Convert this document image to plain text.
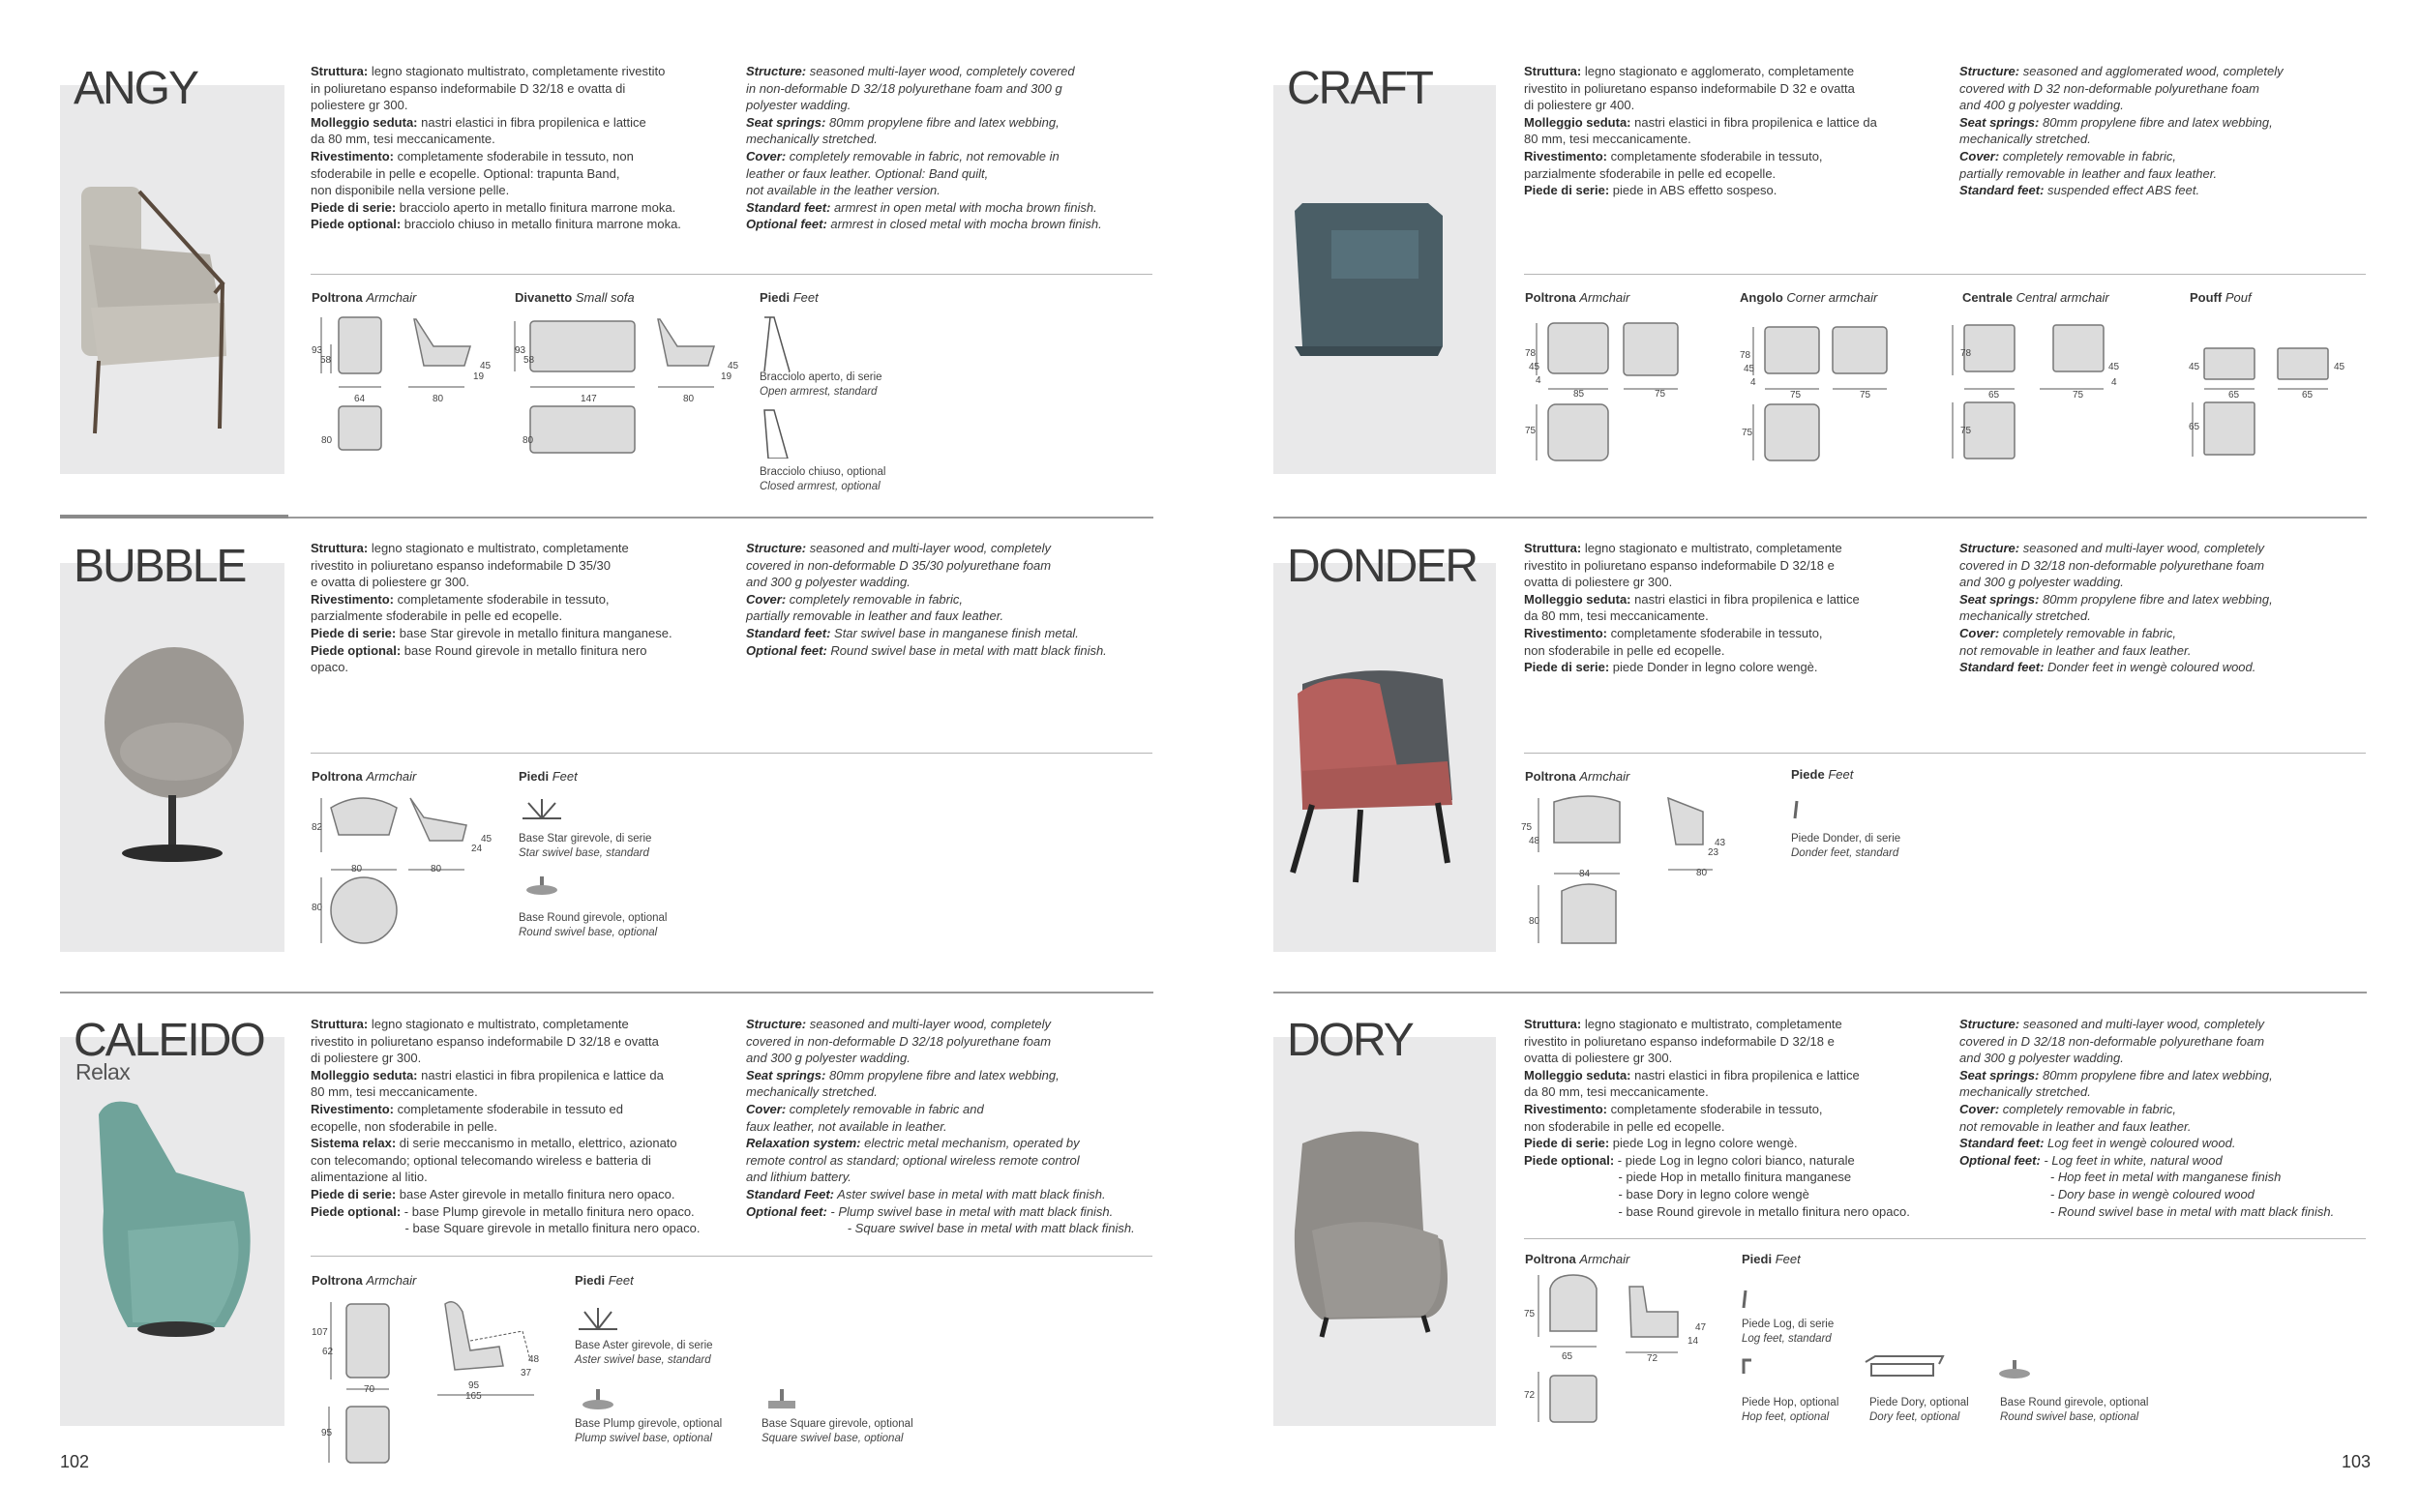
ANGY	Struttura: legno stagionato multistrato, completamente rivestito
in poliuretano espanso indeformabile D 32/18 e ovatta di
poliestere gr 300.
Molleggio seduta: nastri elastici in fibra propilenica e lattice
da 80 mm, tesi meccanicamente.
Rivestimento: completamente sfoderabile in tessuto, non
sfoderabile in pelle e ecopelle. Optional: trapunta Band,
non disponibile nella versione pelle.
Piede di serie: bracciolo aperto in metallo finitura marrone moka.
Piede optional: bracciolo chiuso in metallo finitura marrone moka.
Structure: seasoned multi-layer wood, completely covered
in non-deformable D 32/18 polyurethane foam and 300 g
polyester wadding.
Seat springs: 80mm propylene fibre and latex webbing,
mechanically stretched.
Cover: completely removable in fabric, not removable in
leather or faux leather. Optional: Band quilt,
not available in the leather version.
Standard feet: armrest in open metal with mocha brown finish.
Optional feet: armrest in closed metal with mocha brown finish.
Poltrona Armchair	Divanetto Small sofa	Piedi Feet
93
58
45
19
64	80
80
93
58
147
45
19
80
80
Bracciolo aperto, di serie
Open armrest, standard
Bracciolo chiuso, optional
Closed armrest, optional
BUBBLE	Struttura: legno stagionato e multistrato, completamente
rivestito in poliuretano espanso indeformabile D 35/30
e ovatta di poliestere gr 300.
Rivestimento: completamente sfoderabile in tessuto,
parzialmente sfoderabile in pelle ed ecopelle.
Piede di serie: base Star girevole in metallo finitura manganese.
Piede optional: base Round girevole in metallo finitura nero
opaco.
Structure: seasoned and multi-layer wood, completely
covered in non-deformable D 35/30 polyurethane foam
and 300 g polyester wadding.
Cover: completely removable in fabric,
partially removable in leather and faux leather.
Standard feet: Star swivel base in manganese finish metal.
Optional feet: Round swivel base in metal with matt black finish.
Poltrona Armchair	Piedi Feet
82
45
24
80	80
80
Base Star girevole, di serie
Star swivel base, standard
Base Round girevole, optional
Round swivel base, optional
CALEIDO
Relax
Struttura: legno stagionato e multistrato, completamente
rivestito in poliuretano espanso indeformabile D 32/18 e ovatta
di poliestere gr 300.
Molleggio seduta: nastri elastici in fibra propilenica e lattice da
80 mm, tesi meccanicamente.
Rivestimento: completamente sfoderabile in tessuto ed
ecopelle, non sfoderabile in pelle.
Sistema relax: di serie meccanismo in metallo, elettrico, azionato
con telecomando; optional telecomando wireless e batteria di
alimentazione al litio.
Piede di serie: base Aster girevole in metallo finitura nero opaco.
Piede optional: - base Plump girevole in metallo finitura nero opaco.
- base Square girevole in metallo finitura nero opaco.
Structure: seasoned and multi-layer wood, completely
covered in non-deformable D 32/18 polyurethane foam
and 300 g polyester wadding.
Seat springs: 80mm propylene fibre and latex webbing,
mechanically stretched.
Cover: completely removable in fabric and
faux leather, not available in leather.
Relaxation system: electric metal mechanism, operated by
remote control as standard; optional wireless remote control
and lithium battery.
Standard Feet: Aster swivel base in metal with matt black finish.
Optional feet: - Plump swivel base in metal with matt black finish.
- Square swivel base in metal with matt black finish.
Poltrona Armchair	Piedi Feet
107
62
70	95
165
48
37
95
Base Aster girevole, di serie
Aster swivel base, standard
Base Plump girevole, optional
Plump swivel base, optional
Base Square girevole, optional
Square swivel base, optional
102
CRAFT	Struttura: legno stagionato e agglomerato, completamente
rivestito in poliuretano espanso indeformabile D 32 e ovatta
di poliestere gr 400.
Molleggio seduta: nastri elastici in fibra propilenica e lattice da
80 mm, tesi meccanicamente.
Rivestimento: completamente sfoderabile in tessuto,
parzialmente sfoderabile in pelle ed ecopelle.
Piede di serie: piede in ABS effetto sospeso.
Structure: seasoned and agglomerated wood, completely
covered with D 32 non-deformable polyurethane foam
and 400 g polyester wadding.
Seat springs: 80mm propylene fibre and latex webbing,
mechanically stretched.
Cover: completely removable in fabric,
partially removable in leather and faux leather.
Standard feet: suspended effect ABS feet.
Poltrona Armchair	Angolo Corner armchair	Centrale Central armchair	Pouff Pouf
78
45
4
85	75
75
78
45
4
75	75
75
78
45
4
65	75
75
45
65
45
65
65
DONDER	Struttura: legno stagionato e multistrato, completamente
rivestito in poliuretano espanso indeformabile D 32/18 e
ovatta di poliestere gr 300.
Molleggio seduta: nastri elastici in fibra propilenica e lattice
da 80 mm, tesi meccanicamente.
Rivestimento: completamente sfoderabile in tessuto,
non sfoderabile in pelle ed ecopelle.
Piede di serie: piede Donder in legno colore wengè.
Structure: seasoned and multi-layer wood, completely
covered in D 32/18 non-deformable polyurethane foam
and 300 g polyester wadding.
Seat springs: 80mm propylene fibre and latex webbing,
mechanically stretched.
Cover: completely removable in fabric,
not removable in leather and faux leather.
Standard feet: Donder feet in wengè coloured wood.
Poltrona Armchair	Piede Feet
75
48
84
43
23
80
80
Piede Donder, di serie
Donder feet, standard
DORY	Struttura: legno stagionato e multistrato, completamente
rivestito in poliuretano espanso indeformabile D 32/18 e
ovatta di poliestere gr 300.
Molleggio seduta: nastri elastici in fibra propilenica e lattice
da 80 mm, tesi meccanicamente.
Rivestimento: completamente sfoderabile in tessuto,
non sfoderabile in pelle ed ecopelle.
Piede di serie: piede Log in legno colore wengè.
Piede optional: - piede Log in legno colori bianco, naturale
- piede Hop in metallo finitura manganese
- base Dory in legno colore wengè
- base Round girevole in metallo finitura nero opaco.
Structure: seasoned and multi-layer wood, completely
covered in D 32/18 non-deformable polyurethane foam
and 300 g polyester wadding.
Seat springs: 80mm propylene fibre and latex webbing,
mechanically stretched.
Cover: completely removable in fabric,
not removable in leather and faux leather.
Standard feet: Log feet in wengè coloured wood.
Optional feet: - Log feet in white, natural wood
- Hop feet in metal with manganese finish
- Dory base in wengè coloured wood
- Round swivel base in metal with matt black finish.
Poltrona Armchair	Piedi Feet
75
65
47
14
72
72
Piede Log, di serie
Log feet, standard
Piede Hop, optional
Hop feet, optional
Piede Dory, optional
Dory feet, optional
Base Round girevole, optional
Round swivel base, optional
103
